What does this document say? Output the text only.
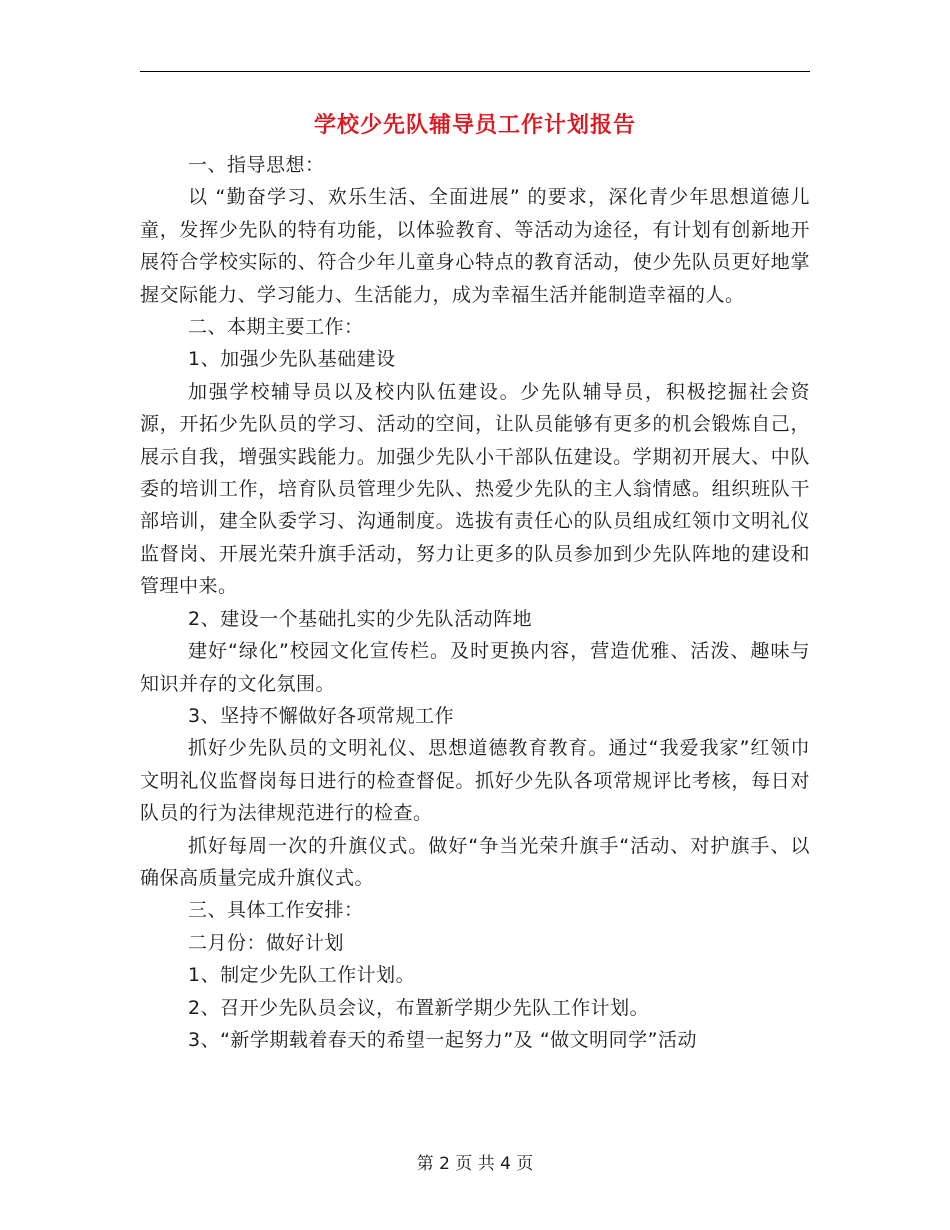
学校少先队辅导员工作计划报告

一、指导思想：

以 “勤奋学习、欢乐生活、全面进展” 的要求，深化青少年思想道德儿童，发挥少先队的特有功能，以体验教育、等活动为途径，有计划有创新地开展符合学校实际的、符合少年儿童身心特点的教育活动，使少先队员更好地掌握交际能力、学习能力、生活能力，成为幸福生活并能制造幸福的人。

二、本期主要工作：

1、加强少先队基础建设

加强学校辅导员以及校内队伍建设。少先队辅导员，积极挖掘社会资源，开拓少先队员的学习、活动的空间，让队员能够有更多的机会锻炼自己，展示自我，增强实践能力。加强少先队小干部队伍建设。学期初开展大、中队委的培训工作，培育队员管理少先队、热爱少先队的主人翁情感。组织班队干部培训，建全队委学习、沟通制度。选拔有责任心的队员组成红领巾文明礼仪监督岗、开展光荣升旗手活动，努力让更多的队员参加到少先队阵地的建设和管理中来。

2、建设一个基础扎实的少先队活动阵地

建好“绿化”校园文化宣传栏。及时更换内容，营造优雅、活泼、趣味与知识并存的文化氛围。

3、坚持不懈做好各项常规工作

抓好少先队员的文明礼仪、思想道德教育教育。通过“我爱我家”红领巾文明礼仪监督岗每日进行的检查督促。抓好少先队各项常规评比考核，每日对队员的行为法律规范进行的检查。

抓好每周一次的升旗仪式。做好“争当光荣升旗手“活动、对护旗手、以确保高质量完成升旗仪式。

三、具体工作安排：

二月份：做好计划

1、制定少先队工作计划。

2、召开少先队员会议，布置新学期少先队工作计划。

3、“新学期载着春天的希望一起努力”及 “做文明同学”活动

第 2 页 共 4 页
